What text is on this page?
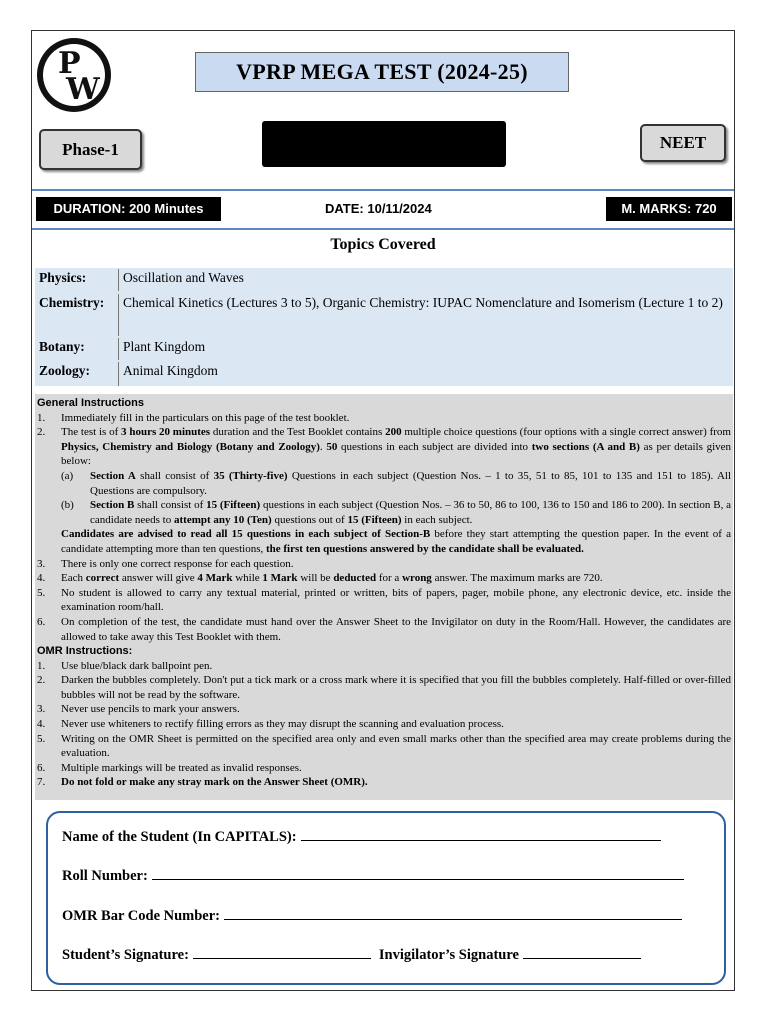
P
W
VPRP MEGA TEST (2024-25)
Phase-1	NEET
DURATION: 200 Minutes	DATE: 10/11/2024	M. MARKS: 720
Topics Covered
Physics:	Oscillation and Waves
Chemistry:	Chemical Kinetics (Lectures 3 to 5), Organic Chemistry: IUPAC Nomenclature and Isomerism (Lecture 1 to 2)
Botany:	Plant Kingdom
Zoology:	Animal Kingdom
General Instructions
1.	Immediately fill in the particulars on this page of the test booklet.
2.	The test is of 3 hours 20 minutes duration and the Test Booklet contains 200 multiple choice questions (four options with a single correct answer) from Physics, Chemistry and Biology (Botany and Zoology). 50 questions in each subject are divided into two sections (A and B) as per details given below:
(a)	Section A shall consist of 35 (Thirty-five) Questions in each subject (Question Nos. – 1 to 35, 51 to 85, 101 to 135 and 151 to 185). All Questions are compulsory.
(b)	Section B shall consist of 15 (Fifteen) questions in each subject (Question Nos. – 36 to 50, 86 to 100, 136 to 150 and 186 to 200). In section B, a candidate needs to attempt any 10 (Ten) questions out of 15 (Fifteen) in each subject.
Candidates are advised to read all 15 questions in each subject of Section-B before they start attempting the question paper. In the event of a candidate attempting more than ten questions, the first ten questions answered by the candidate shall be evaluated.
3.	There is only one correct response for each question.
4.	Each correct answer will give 4 Mark while 1 Mark will be deducted for a wrong answer. The maximum marks are 720.
5.	No student is allowed to carry any textual material, printed or written, bits of papers, pager, mobile phone, any electronic device, etc. inside the examination room/hall.
6.	On completion of the test, the candidate must hand over the Answer Sheet to the Invigilator on duty in the Room/Hall. However, the candidates are allowed to take away this Test Booklet with them.
OMR Instructions:
1.	Use blue/black dark ballpoint pen.
2.	Darken the bubbles completely. Don't put a tick mark or a cross mark where it is specified that you fill the bubbles completely. Half-filled or over-filled bubbles will not be read by the software.
3.	Never use pencils to mark your answers.
4.	Never use whiteners to rectify filling errors as they may disrupt the scanning and evaluation process.
5.	Writing on the OMR Sheet is permitted on the specified area only and even small marks other than the specified area may create problems during the evaluation.
6.	Multiple markings will be treated as invalid responses.
7.	Do not fold or make any stray mark on the Answer Sheet (OMR).
Name of the Student (In CAPITALS):
Roll Number:
OMR Bar Code Number:
Student’s Signature:	Invigilator’s Signature
